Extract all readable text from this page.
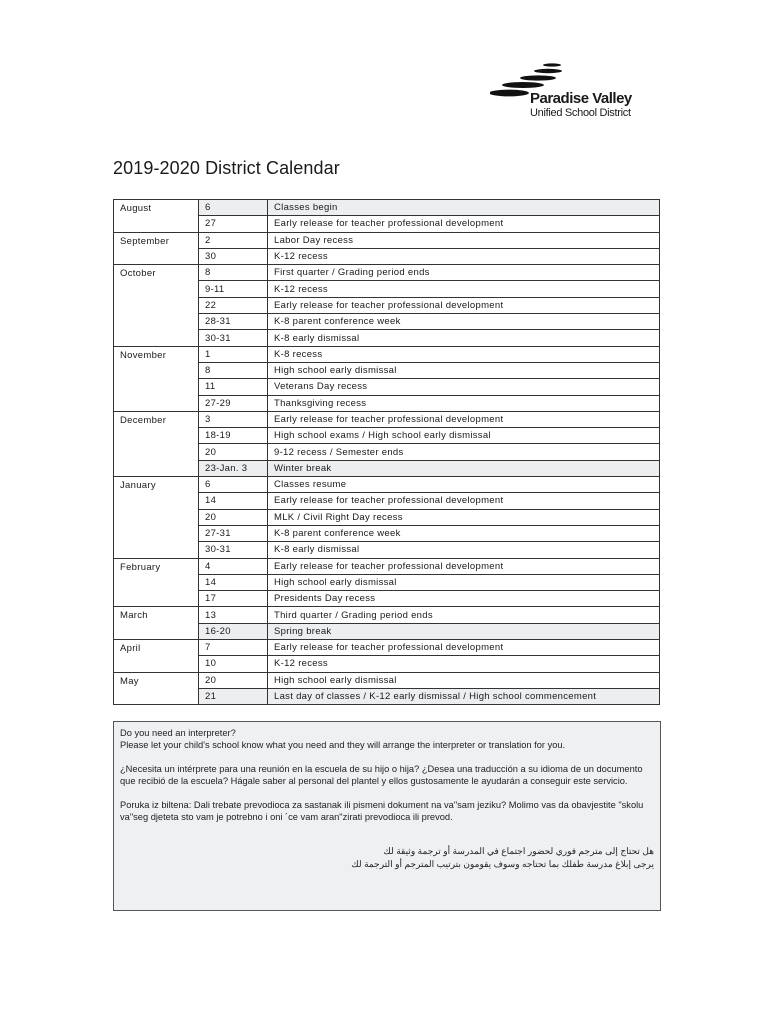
Paradise Valley
Unified School District
2019-2020 District Calendar
August	6	Classes begin
	27	Early release for teacher professional development
September	2	Labor Day recess
	30	K-12 recess
October	8	First quarter / Grading period ends
	9-11	K-12 recess
	22	Early release for teacher professional development
	28-31	K-8 parent conference week
	30-31	K-8 early dismissal
November	1	K-8 recess
	8	High school early dismissal
	11	Veterans Day recess
	27-29	Thanksgiving recess
December	3	Early release for teacher professional development
	18-19	High school exams / High school early dismissal
	20	9-12 recess / Semester ends
	23-Jan. 3	Winter break
January	6	Classes resume
	14	Early release for teacher professional development
	20	MLK / Civil Right Day recess
	27-31	K-8 parent conference week
	30-31	K-8 early dismissal
February	4	Early release for teacher professional development
	14	High school early dismissal
	17	Presidents Day recess
March	13	Third quarter / Grading period ends
	16-20	Spring break
April	7	Early release for teacher professional development
	10	K-12 recess
May	20	High school early dismissal
	21	Last day of classes / K-12 early dismissal / High school commencement

Do you need an interpreter?
Please let your child's school know what you need and they will arrange the interpreter or translation for you.

¿Necesita un intérprete para una reunión en la escuela de su hijo o hija? ¿Desea una traducción a su idioma de un documento que recibió de la escuela? Hágale saber al personal del plantel y ellos gustosamente le ayudarán a conseguir este servicio.

Poruka iz biltena: Dali trebate prevodioca za sastanak ili pismeni dokument na va"sam jeziku? Molimo vas da obavjestite "skolu va"seg djeteta sto vam je potrebno i oni ´ce vam aran"zirati prevodioca ili prevod.

هل تحتاج إلى مترجم فوري لحضور اجتماع في المدرسة أو ترجمة وثيقة لك
يرجى إبلاغ مدرسة طفلك بما تحتاجه وسوف يقومون بترتيب المترجم أو الترجمة لك
